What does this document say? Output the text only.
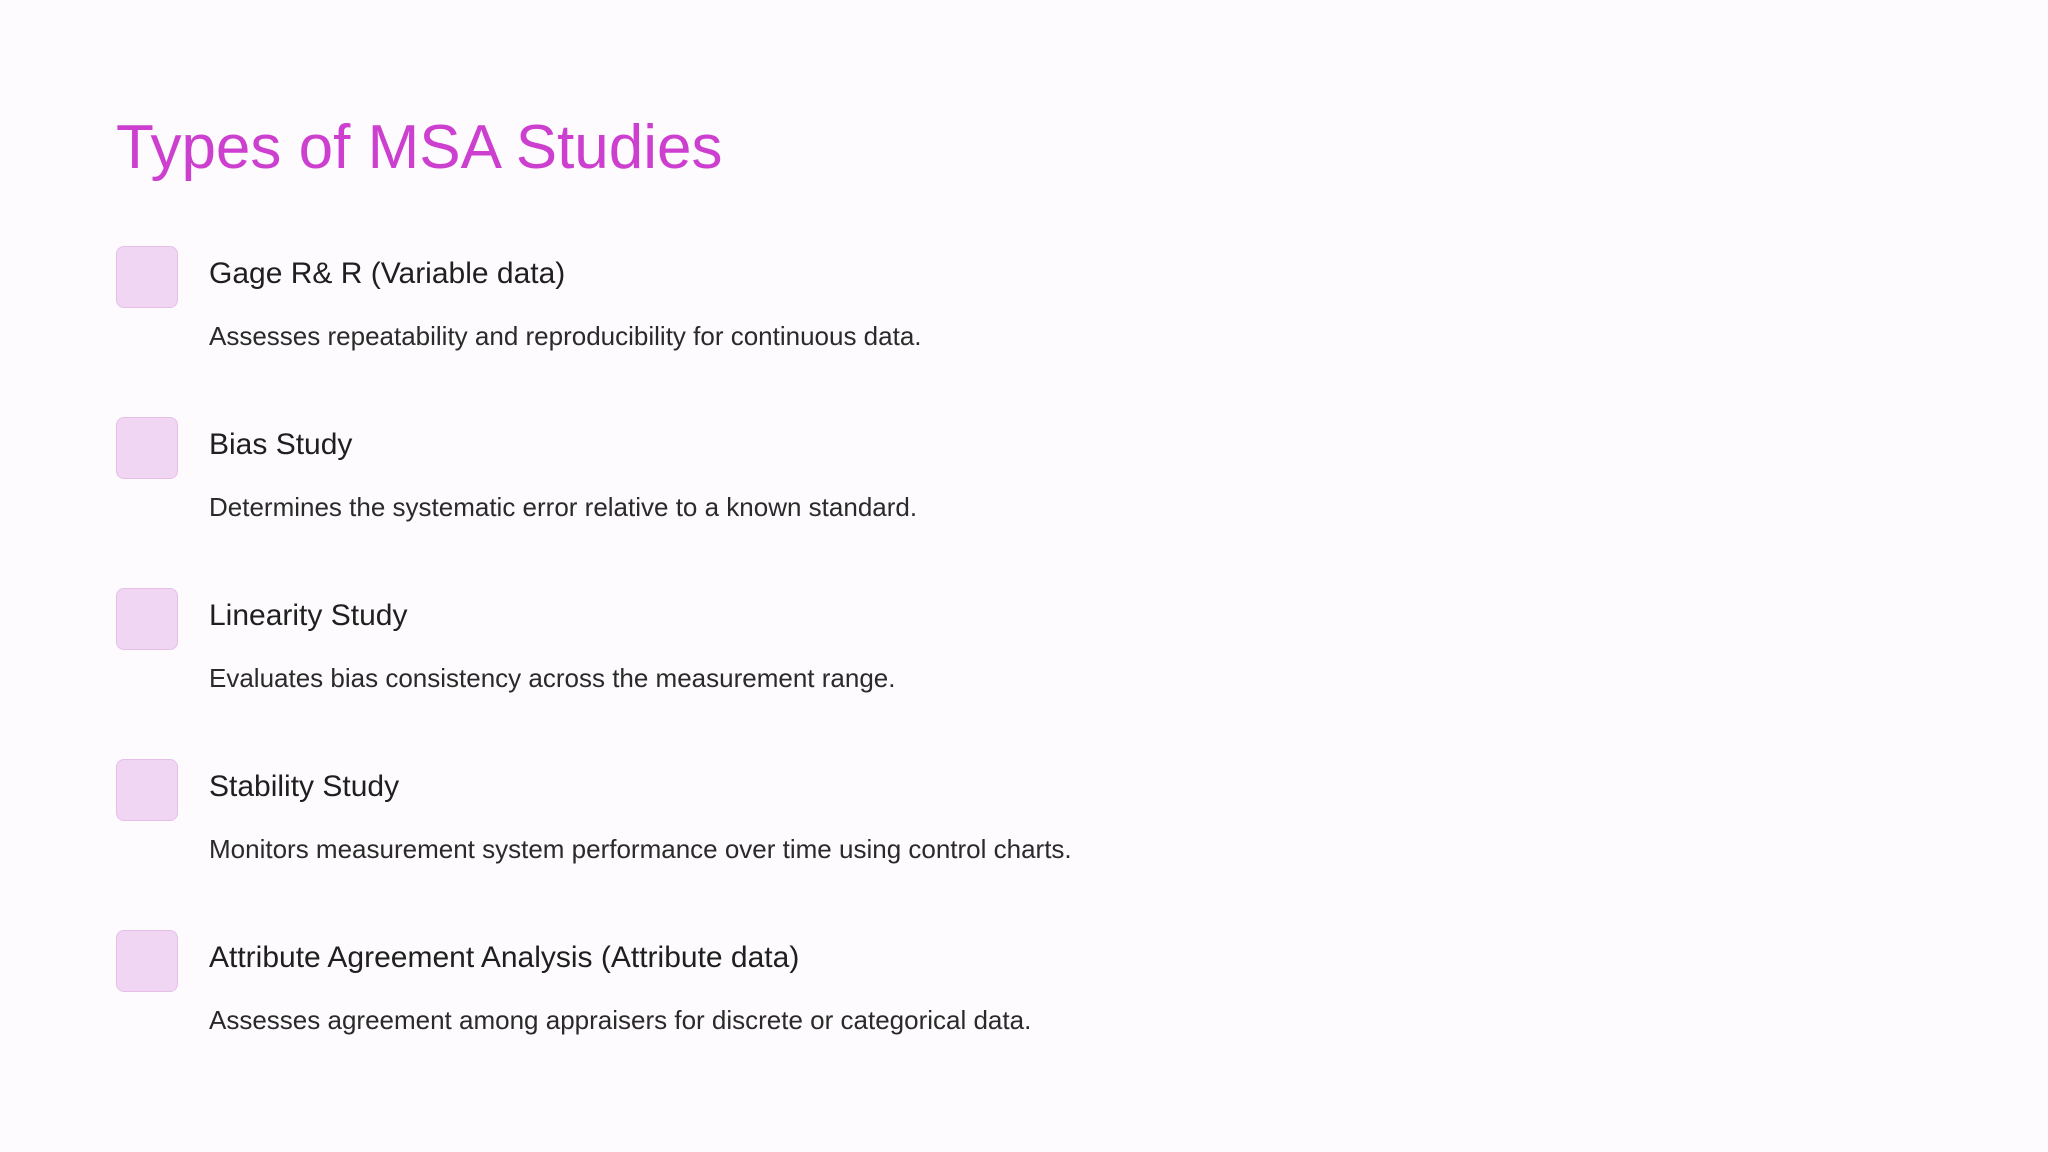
Types of MSA Studies
Gage R& R (Variable data)
Assesses repeatability and reproducibility for continuous data.
Bias Study
Determines the systematic error relative to a known standard.
Linearity Study
Evaluates bias consistency across the measurement range.
Stability Study
Monitors measurement system performance over time using control charts.
Attribute Agreement Analysis (Attribute data)
Assesses agreement among appraisers for discrete or categorical data.
